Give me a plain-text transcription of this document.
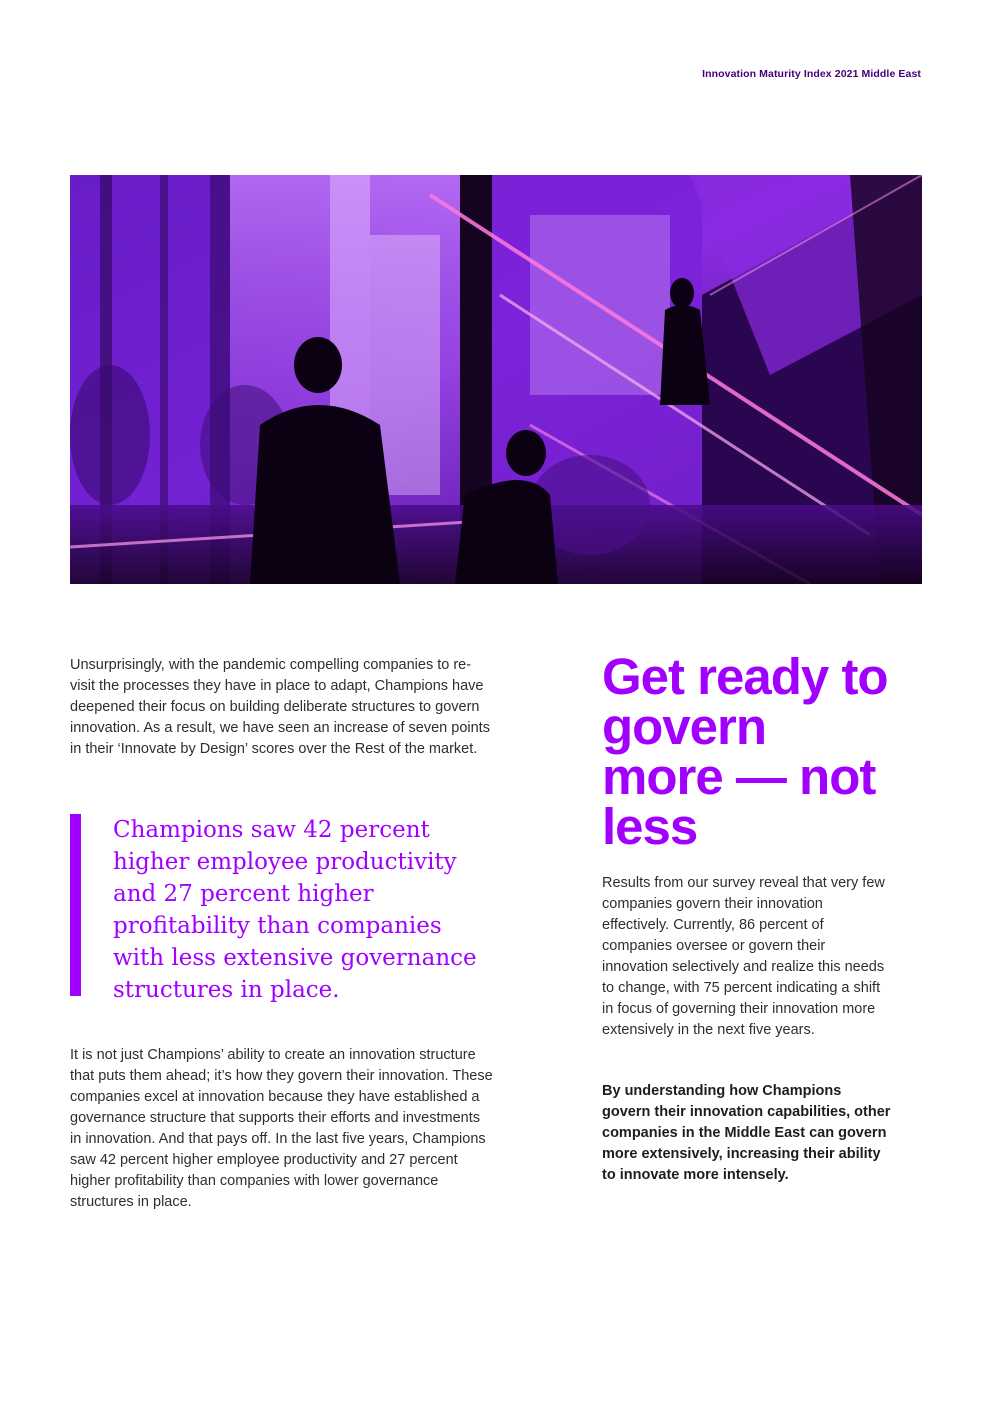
Innovation Maturity Index 2021 Middle East

Unsurprisingly, with the pandemic compelling companies to re-visit the processes they have in place to adapt, Champions have deepened their focus on building deliberate structures to govern innovation. As a result, we have seen an increase of seven points in their ‘Innovate by Design’ scores over the Rest of the market.

Champions saw 42 percent higher employee productivity and 27 percent higher profitability than companies with less extensive governance structures in place.

It is not just Champions’ ability to create an innovation structure that puts them ahead; it’s how they govern their innovation. These companies excel at innovation because they have established a governance structure that supports their efforts and investments in innovation. And that pays off. In the last five years, Champions saw 42 percent higher employee productivity and 27 percent higher profitability than companies with lower governance structures in place.

Get ready to govern more — not less

Results from our survey reveal that very few companies govern their innovation effectively. Currently, 86 percent of companies oversee or govern their innovation selectively and realize this needs to change, with 75 percent indicating a shift in focus of governing their innovation more extensively in the next five years.

By understanding how Champions govern their innovation capabilities, other companies in the Middle East can govern more extensively, increasing their ability to innovate more intensely.
